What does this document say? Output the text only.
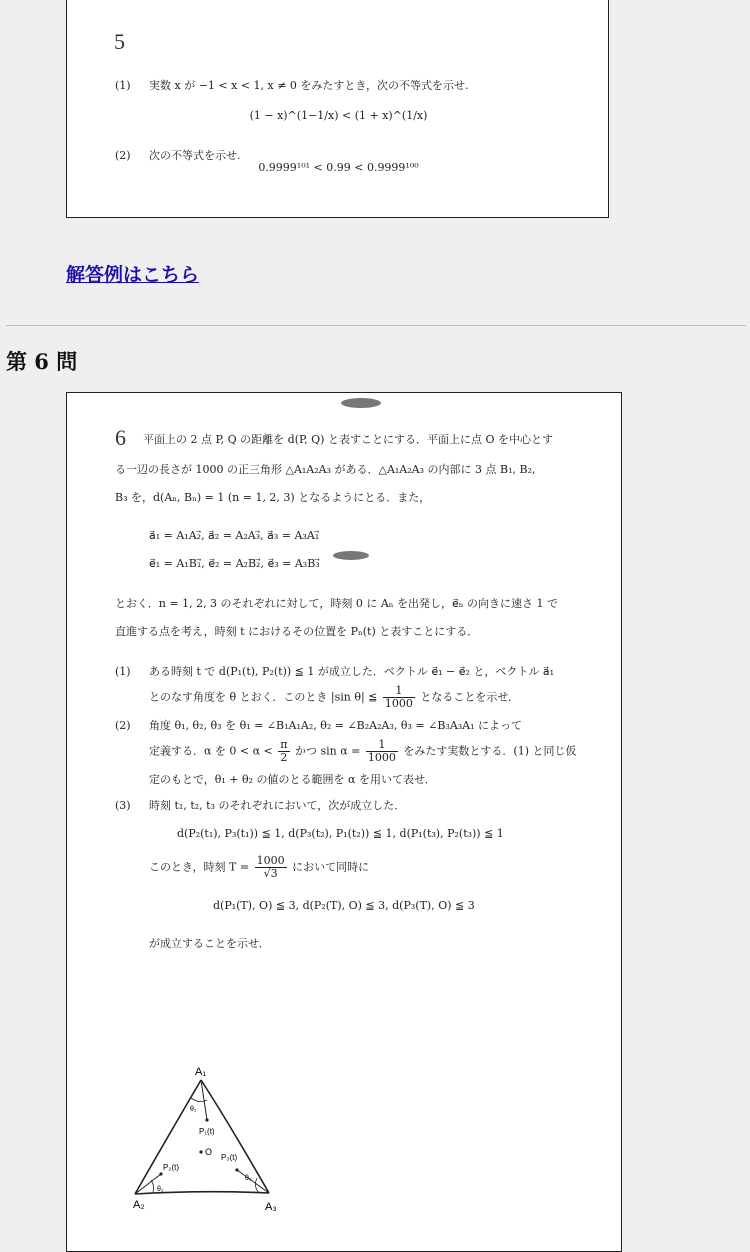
5
(1) 実数 x が −1 < x < 1, x ≠ 0 をみたすとき，次の不等式を示せ.
(1 − x)^(1−1/x) < (1 + x)^(1/x)
(2) 次の不等式を示せ.
0.9999¹⁰¹ < 0.99 < 0.9999¹⁰⁰
解答例はこちら
第 6 問
6 平面上の 2 点 P, Q の距離を d(P, Q) と表すことにする．平面上に点 O を中心とす
る一辺の長さが 1000 の正三角形 △A₁A₂A₃ がある．△A₁A₂A₃ の内部に 3 点 B₁, B₂,
B₃ を，d(Aₙ, Bₙ) = 1 (n = 1, 2, 3) となるようにとる．また，
a⃗₁ = A₁A₂⃗, a⃗₂ = A₂A₃⃗, a⃗₃ = A₃A₁⃗
e⃗₁ = A₁B₁⃗, e⃗₂ = A₂B₂⃗, e⃗₃ = A₃B₃⃗
とおく．n = 1, 2, 3 のそれぞれに対して，時刻 0 に Aₙ を出発し，e⃗ₙ の向きに速さ 1 で
直進する点を考え，時刻 t におけるその位置を Pₙ(t) と表すことにする．
(1) ある時刻 t で d(P₁(t), P₂(t)) ≦ 1 が成立した．ベクトル e⃗₁ − e⃗₂ と，ベクトル a⃗₁
とのなす角度を θ とおく．このとき |sin θ| ≦ $\frac{1}{1000}$ となることを示せ．
(2) 角度 θ₁, θ₂, θ₃ を θ₁ = ∠B₁A₁A₂, θ₂ = ∠B₂A₂A₃, θ₃ = ∠B₃A₃A₁ によって
定義する．α を $0 < \alpha < \frac{\pi}{2}$ かつ $\sin \alpha = \frac{1}{1000}$ をみたす実数とする．(1) と同じ仮
定のもとで，θ₁ + θ₂ の値のとる範囲を α を用いて表せ．
(3) 時刻 t₁, t₂, t₃ のそれぞれにおいて，次が成立した．
d(P₂(t₁), P₃(t₁)) ≦ 1, d(P₃(t₂), P₁(t₂)) ≦ 1, d(P₁(t₃), P₂(t₃)) ≦ 1
このとき，時刻 $T = \frac{1000}{√3}$ において同時に
d(P₁(T), O) ≦ 3, d(P₂(T), O) ≦ 3, d(P₃(T), O) ≦ 3
が成立することを示せ．
A₁
A₂	A₃
P₁(t)
P₂(t)
P₃(t)
O
θ₁
θ₂
θ₃
